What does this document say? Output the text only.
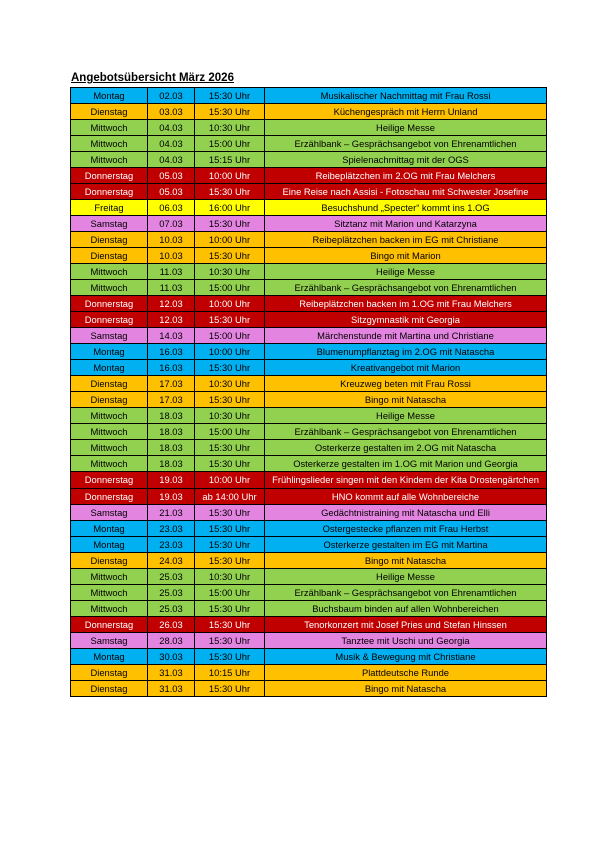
Angebotsübersicht März 2026
Montag	02.03	15:30 Uhr	Musikalischer Nachmittag mit Frau Rossi
Dienstag	03.03	15:30 Uhr	Küchengespräch mit Herrn Unland
Mittwoch	04.03	10:30 Uhr	Heilige Messe
Mittwoch	04.03	15:00 Uhr	Erzählbank – Gesprächsangebot von Ehrenamtlichen
Mittwoch	04.03	15:15 Uhr	Spielenachmittag mit der OGS
Donnerstag	05.03	10:00 Uhr	Reibeplätzchen im 2.OG mit Frau Melchers
Donnerstag	05.03	15:30 Uhr	Eine Reise nach Assisi - Fotoschau mit Schwester Josefine
Freitag	06.03	16:00 Uhr	Besuchshund „Specter“ kommt ins 1.OG
Samstag	07.03	15:30 Uhr	Sitztanz mit Marion und Katarzyna
Dienstag	10.03	10:00 Uhr	Reibeplätzchen backen im EG mit Christiane
Dienstag	10.03	15:30 Uhr	Bingo mit Marion
Mittwoch	11.03	10:30 Uhr	Heilige Messe
Mittwoch	11.03	15:00 Uhr	Erzählbank – Gesprächsangebot von Ehrenamtlichen
Donnerstag	12.03	10:00 Uhr	Reibeplätzchen backen im 1.OG mit Frau Melchers
Donnerstag	12.03	15:30 Uhr	Sitzgymnastik mit Georgia
Samstag	14.03	15:00 Uhr	Märchenstunde mit Martina und Christiane
Montag	16.03	10:00 Uhr	Blumenumpflanztag im 2.OG mit Natascha
Montag	16.03	15:30 Uhr	Kreativangebot mit Marion
Dienstag	17.03	10:30 Uhr	Kreuzweg beten mit Frau Rossi
Dienstag	17.03	15:30 Uhr	Bingo mit Natascha
Mittwoch	18.03	10:30 Uhr	Heilige Messe
Mittwoch	18.03	15:00 Uhr	Erzählbank – Gesprächsangebot von Ehrenamtlichen
Mittwoch	18.03	15:30 Uhr	Osterkerze gestalten im 2.OG mit Natascha
Mittwoch	18.03	15:30 Uhr	Osterkerze gestalten im 1.OG mit Marion und Georgia
Donnerstag	19.03	10:00 Uhr	Frühlingslieder singen mit den Kindern der Kita Drostengärtchen
Donnerstag	19.03	ab 14:00 Uhr	HNO kommt auf alle Wohnbereiche
Samstag	21.03	15:30 Uhr	Gedächtnistraining mit Natascha und Elli
Montag	23.03	15:30 Uhr	Ostergestecke pflanzen mit Frau Herbst
Montag	23.03	15:30 Uhr	Osterkerze gestalten im EG mit Martina
Dienstag	24.03	15:30 Uhr	Bingo mit Natascha
Mittwoch	25.03	10:30 Uhr	Heilige Messe
Mittwoch	25.03	15:00 Uhr	Erzählbank – Gesprächsangebot von Ehrenamtlichen
Mittwoch	25.03	15:30 Uhr	Buchsbaum binden auf allen Wohnbereichen
Donnerstag	26.03	15:30 Uhr	Tenorkonzert mit Josef Pries und Stefan Hinssen
Samstag	28.03	15:30 Uhr	Tanztee mit Uschi und Georgia
Montag	30.03	15:30 Uhr	Musik & Bewegung mit Christiane
Dienstag	31.03	10:15 Uhr	Plattdeutsche Runde
Dienstag	31.03	15:30 Uhr	Bingo mit Natascha
